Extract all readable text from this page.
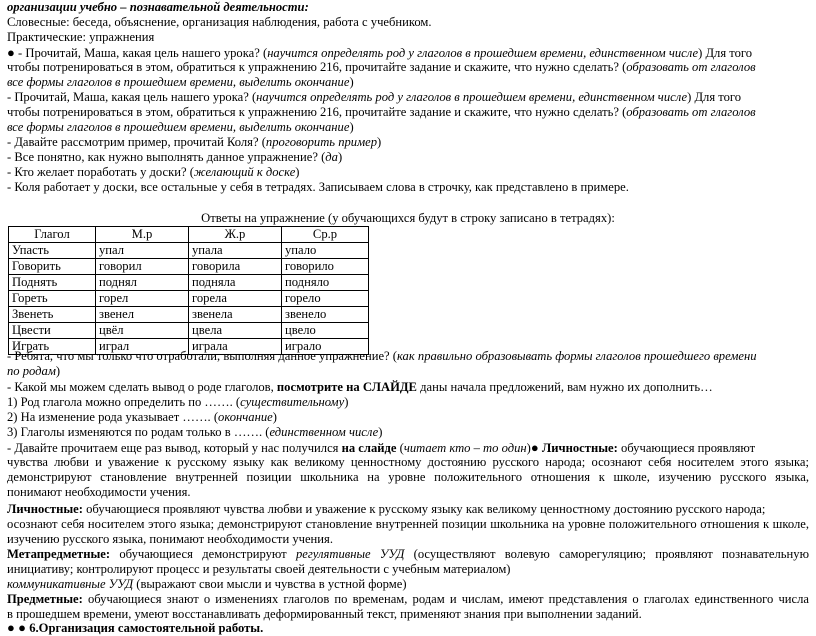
организации учебно – познавательной деятельности:
Словесные: беседа, объяснение, организация наблюдения, работа с учебником.
Практические: упражнения
● - Прочитай, Маша, какая цель нашего урока? (научится определять род у глаголов в прошедшем времени, единственном числе) Для того
чтобы потренироваться в этом, обратиться к упражнению 216, прочитайте задание и скажите, что нужно сделать? (образовать от глаголов
все формы глаголов в прошедшем времени, выделить окончание)
- Прочитай, Маша, какая цель нашего урока? (научится определять род у глаголов в прошедшем времени, единственном числе) Для того
чтобы потренироваться в этом, обратиться к упражнению 216, прочитайте задание и скажите, что нужно сделать? (образовать от глаголов
все формы глаголов в прошедшем времени, выделить окончание)
- Давайте рассмотрим пример, прочитай Коля? (проговорить пример)
- Все понятно, как нужно выполнять данное упражнение? (да)
- Кто желает поработать у доски? (желающий к доске)
- Коля работает у доски, все остальные у себя в тетрадях. Записываем слова в строчку, как представлено в примере.
Ответы на упражнение (у обучающихся будут в строку записано в тетрадях):
Глагол	М.р	Ж.р	Ср.р
Упасть	упал	упала	упало
Говорить	говорил	говорила	говорило
Поднять	поднял	подняла	подняло
Гореть	горел	горела	горело
Звенеть	звенел	звенела	звенело
Цвести	цвёл	цвела	цвело
Играть	играл	играла	играло
- Ребята, что мы только что отработали, выполняя данное упражнение? (как правильно образовывать формы глаголов прошедшего времени
по родам)
- Какой мы можем сделать вывод о роде глаголов, посмотрите на СЛАЙДЕ даны начала предложений, вам нужно их дополнить…
1) Род глагола можно определить по ……. (существительному)
2) На изменение рода указывает ……. (окончание)
3) Глаголы изменяются по родам только в ……. (единственном числе)
- Давайте прочитаем еще раз вывод, который у нас получился на слайде (читает кто – то один)● Личностные: обучающиеся проявляют
чувства любви и уважение к русскому языку как великому ценностному достоянию русского народа; осознают себя носителем этого языка;
демонстрируют становление внутренней позиции школьника на уровне положительного отношения к школе, изучению русского языка,
понимают необходимости учения.
Личностные: обучающиеся проявляют чувства любви и уважение к русскому языку как великому ценностному достоянию русского народа;
осознают себя носителем этого языка; демонстрируют становление внутренней позиции школьника на уровне положительного отношения к школе,
изучению русского языка, понимают необходимости учения.
Метапредметные: обучающиеся демонстрируют регулятивные УУД (осуществляют волевую саморегуляцию; проявляют познавательную
инициативу; контролируют процесс и результаты своей деятельности с учебным материалом)
коммуникативные УУД (выражают свои мысли и чувства в устной форме)
Предметные: обучающиеся знают о изменениях глаголов по временам, родам и числам, имеют представления о глаголах единственного числа
в прошедшем времени, умеют восстанавливать деформированный текст, применяют знания при выполнении заданий.
● ● 6.Организация самостоятельной работы.
